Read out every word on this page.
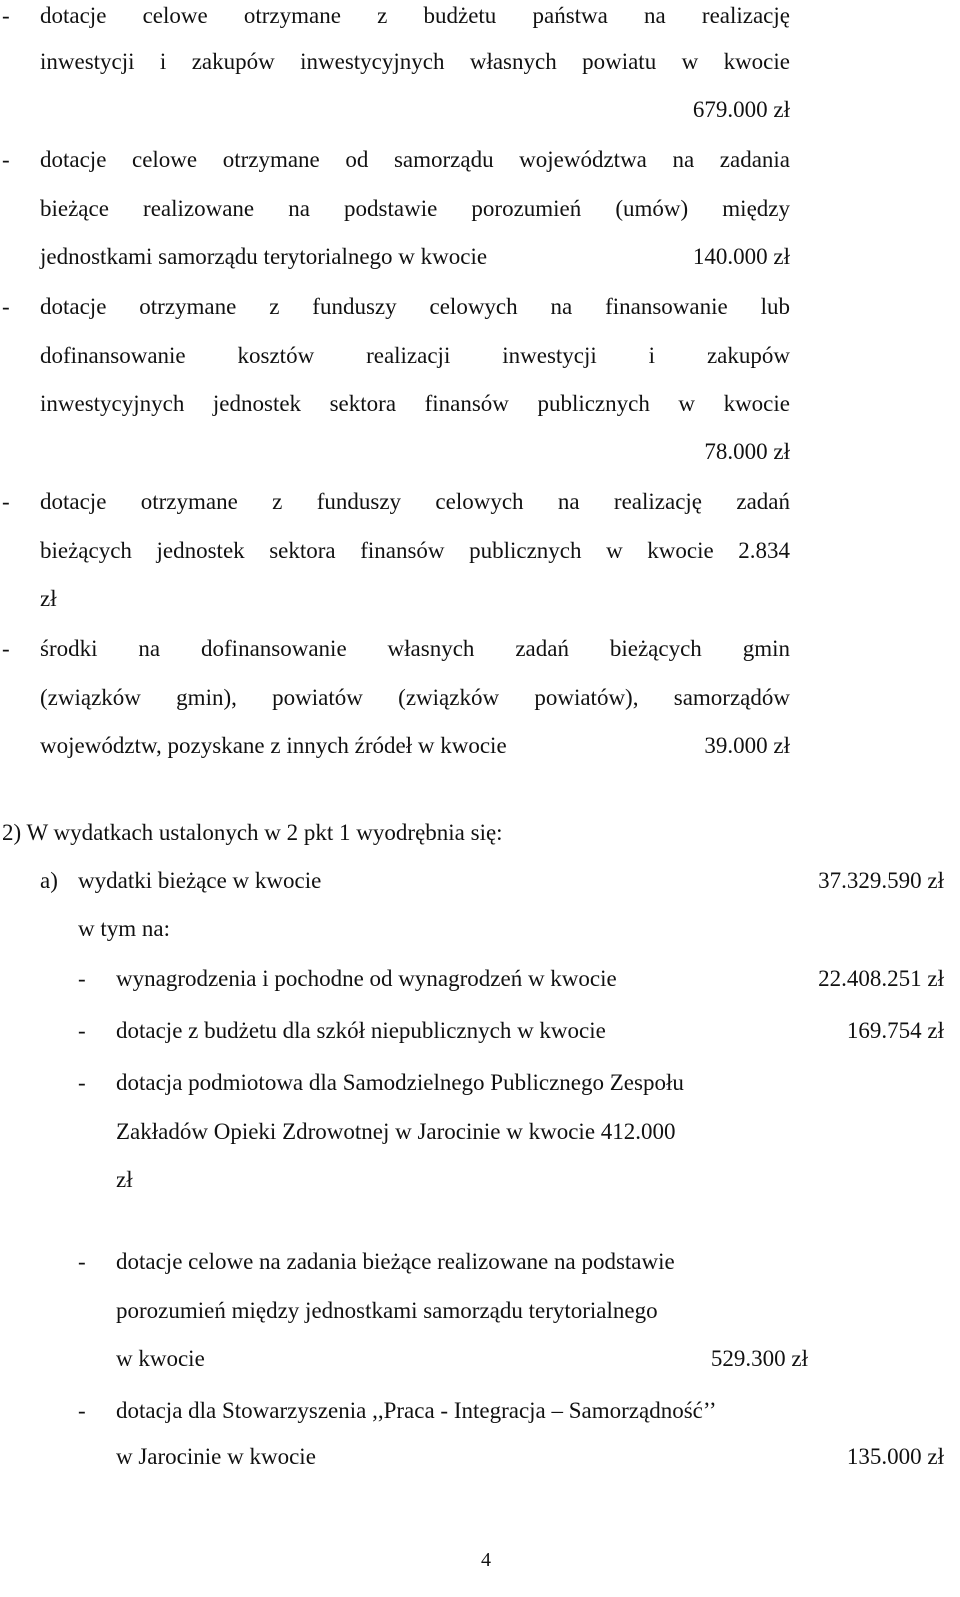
- dotacje celowe otrzymane z budżetu państwa na realizację
inwestycji i zakupów inwestycyjnych własnych powiatu w kwocie
679.000 zł
- dotacje celowe otrzymane od samorządu województwa na zadania
bieżące realizowane na podstawie porozumień (umów) między
jednostkami samorządu terytorialnego w kwocie	140.000 zł
- dotacje otrzymane z funduszy celowych na finansowanie lub
dofinansowanie kosztów realizacji inwestycji i zakupów
inwestycyjnych jednostek sektora finansów publicznych w kwocie
78.000 zł
- dotacje otrzymane z funduszy celowych na realizację zadań
bieżących jednostek sektora finansów publicznych w kwocie 2.834
zł
- środki na dofinansowanie własnych zadań bieżących gmin
(związków gmin), powiatów (związków powiatów), samorządów
województw, pozyskane z innych źródeł w kwocie	39.000 zł
2) W wydatkach ustalonych w 2 pkt 1 wyodrębnia się:
a) wydatki bieżące w kwocie	37.329.590 zł
w tym na:
- wynagrodzenia i pochodne od wynagrodzeń w kwocie	22.408.251 zł
- dotacje z budżetu dla szkół niepublicznych w kwocie	169.754 zł
- dotacja podmiotowa dla Samodzielnego Publicznego Zespołu
Zakładów Opieki Zdrowotnej w Jarocinie w kwocie 412.000
zł
- dotacje celowe na zadania bieżące realizowane na podstawie
porozumień między jednostkami samorządu terytorialnego
w kwocie	529.300 zł
- dotacja dla Stowarzyszenia ,,Praca - Integracja – Samorządność’’
w Jarocinie w kwocie	135.000 zł
4
